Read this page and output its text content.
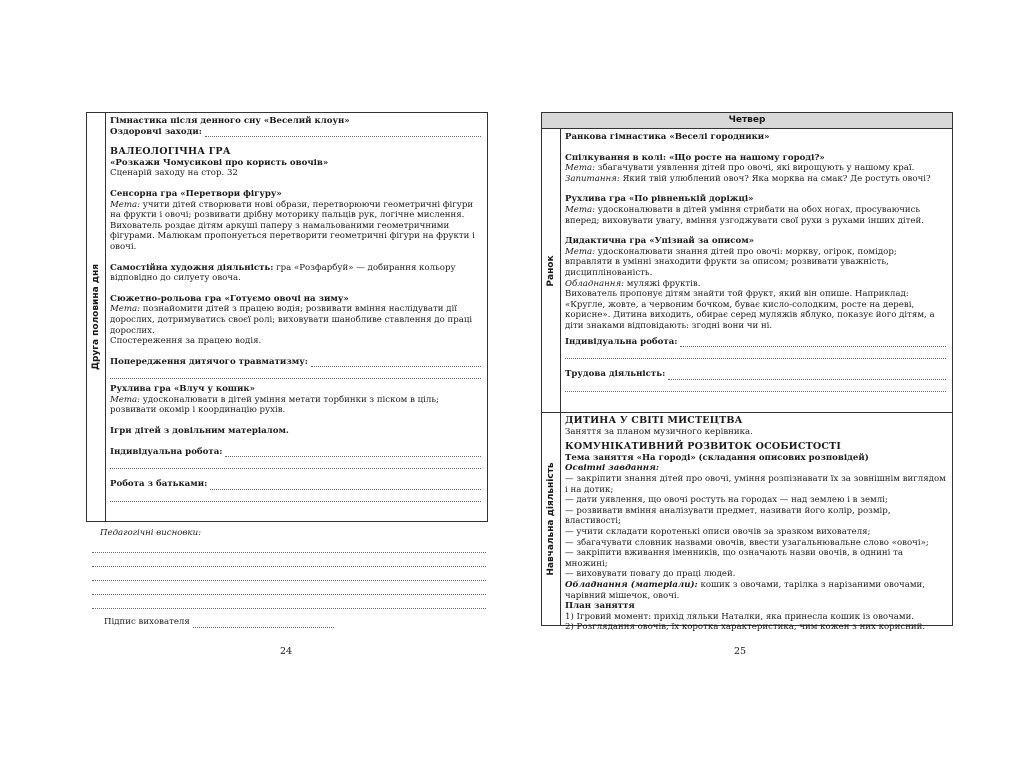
Друга половина дня

Гімнастика після денного сну «Веселий клоун»

Оздоровчі заходи:

ВАЛЕОЛОГІЧНА ГРА

«Розкажи Чомусикові про користь овочів»

Сценарій заходу на стор. 32

Сенсорна гра «Перетвори фігуру»

Мета: учити дітей створювати нові образи, перетворюючи геометричні фігури на фрукти і овочі; розвивати дрібну моторику пальців рук, логічне мислення.

Вихователь роздає дітям аркуші паперу з намальованими геометричними фігурами. Малюкам пропонується перетворити геометричні фігури на фрукти і овочі.

Самостійна художня діяльність: гра «Розфарбуй» — добирання кольору відповідно до силуету овоча.

Сюжетно-рольова гра «Готуємо овочі на зиму»

Мета: познайомити дітей з працею водія; розвивати вміння наслідувати дії дорослих, дотримуватись своєї ролі; виховувати шанобливе ставлення до праці дорослих.

Спостереження за працею водія.

Попередження дитячого травматизму:

Рухлива гра «Влуч у кошик»

Мета: удосконалювати в дітей уміння метати торбинки з піском в ціль; розвивати окомір і координацію рухів.

Ігри дітей з довільним матеріалом.

Індивідуальна робота:
Робота з батьками:

Педагогічні висновки:

Підпис вихователя
24
Четвер
Ранок

Ранкова гімнастика «Веселі городники»

Спілкування в колі: «Що росте на нашому городі?»

Мета: збагачувати уявлення дітей про овочі, які вирощують у нашому краї.

Запитання: Який твій улюблений овоч? Яка морква на смак? Де ростуть овочі?

Рухлива гра «По рівненькій доріжці»

Мета: удосконалювати в дітей уміння стрибати на обох ногах, просуваючись вперед; виховувати увагу, вміння узгоджувати свої рухи з рухами інших дітей.

Дидактична гра «Упізнай за описом»

Мета: удосконалювати знання дітей про овочі: моркву, огірок, помідор; вправляти в умінні знаходити фрукти за описом; розвивати уважність, дисциплінованість.

Обладнання: муляжі фруктів.

Вихователь пропонує дітям знайти той фрукт, який він опише. Наприклад: «Кругле, жовте, а червоним бочком, буває кисло-солодким, росте на дереві, корисне». Дитина виходить, обирає серед муляжів яблуко, показує його дітям, а діти знаками відповідають: згодні вони чи ні.

Індивідуальна робота:
Трудова діяльність:
Навчальна діяльність

ДИТИНА У СВІТІ МИСТЕЦТВА

Заняття за планом музичного керівника.

КОМУНІКАТИВНИЙ РОЗВИТОК ОСОБИСТОСТІ

Тема заняття «На городі» (складання описових розповідей)

Освітні завдання:

— закріпити знання дітей про овочі, уміння розпізнавати їх за зовнішнім виглядом і на дотик;

— дати уявлення, що овочі ростуть на городах — над землею і в землі;

— розвивати вміння аналізувати предмет, називати його колір, розмір, властивості;

— учити складати коротенькі описи овочів за зразком вихователя;

— збагачувати словник назвами овочів, ввести узагальнювальне слово «овочі»;

— закріпити вживання іменників, що означають назви овочів, в однині та множині;

— виховувати повагу до праці людей.

Обладнання (матеріали): кошик з овочами, тарілка з нарізаними овочами, чарівний мішечок, овочі.

План заняття

1) Ігровий момент: прихід ляльки Наталки, яка принесла кошик із овочами.

2) Розглядання овочів, їх коротка характеристика, чим кожен з них корисний.

25
